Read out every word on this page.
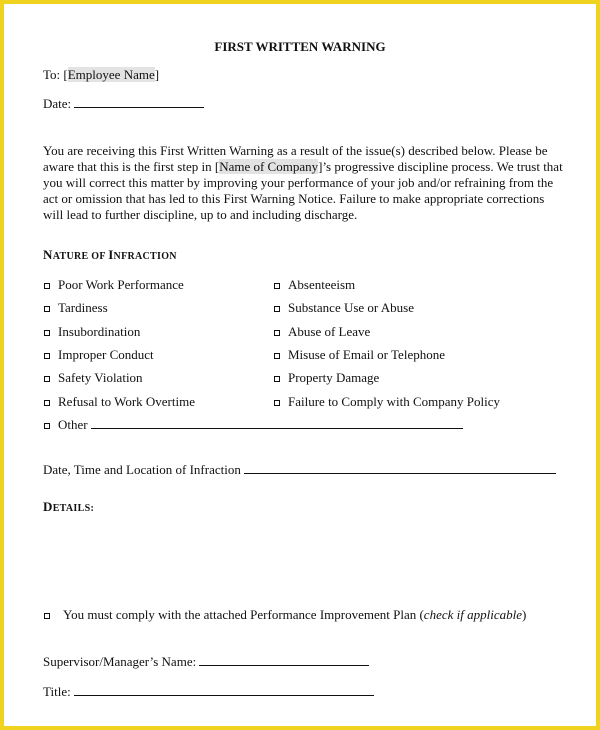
FIRST WRITTEN WARNING
To: [Employee Name]
Date:
You are receiving this First Written Warning as a result of the issue(s) described below. Please be aware that this is the first step in [Name of Company]’s progressive discipline process. We trust that you will correct this matter by improving your performance of your job and/or refraining from the act or omission that has led to this First Warning Notice. Failure to make appropriate corrections will lead to further discipline, up to and including discharge.
NATURE OF INFRACTION
Poor Work Performance
Tardiness
Insubordination
Improper Conduct
Safety Violation
Refusal to Work Overtime
Absenteeism
Substance Use or Abuse
Abuse of Leave
Misuse of Email or Telephone
Property Damage
Failure to Comply with Company Policy
Other
Date, Time and Location of Infraction
DETAILS:
You must comply with the attached Performance Improvement Plan (check if applicable)
Supervisor/Manager’s Name:
Title:
